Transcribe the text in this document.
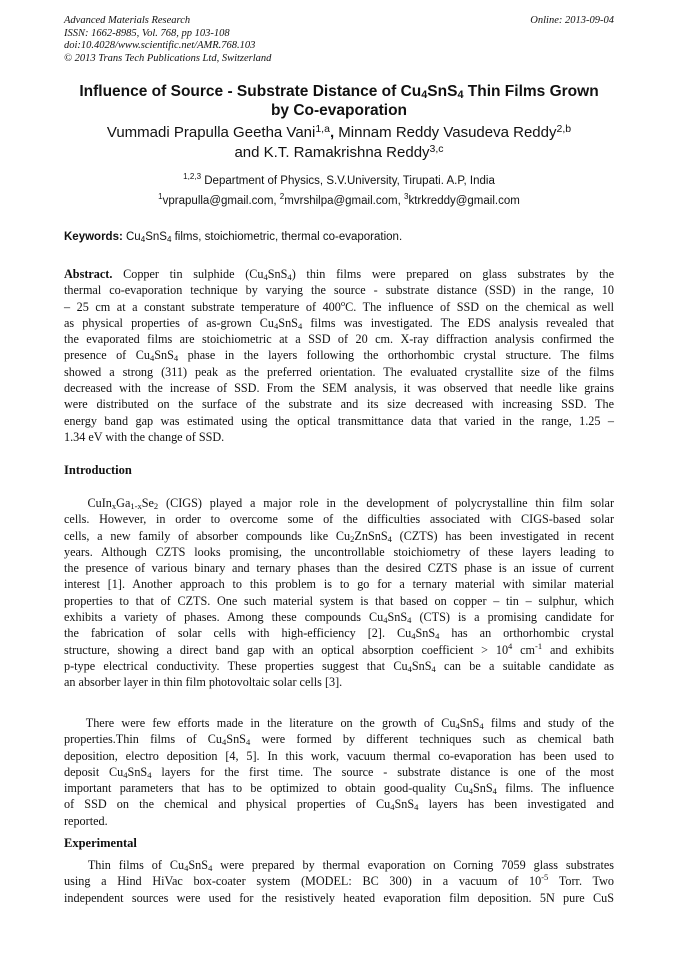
Advanced Materials Research
ISSN: 1662-8985, Vol. 768, pp 103-108
doi:10.4028/www.scientific.net/AMR.768.103
© 2013 Trans Tech Publications Ltd, Switzerland
Online: 2013-09-04
Influence of Source - Substrate Distance of $Cu_4SnS_4$ Thin Films Grown
by Co-evaporation
Vummadi Prapulla Geetha Vani$^{1,a}$, Minnam Reddy Vasudeva Reddy$^{2,b}$
and K.T. Ramakrishna Reddy$^{3,c}$
$^{1,2,3}$ Department of Physics, S.V.University, Tirupati. A.P, India
$^1$vprapulla@gmail.com, $^2$mvrshilpa@gmail.com, $^3$ktrkreddy@gmail.com
Keywords: $Cu_4SnS_4$ films, stoichiometric, thermal co-evaporation.
Abstract. Copper tin sulphide $(Cu_4SnS_4)$ thin films were prepared on glass substrates by the
thermal co-evaporation technique by varying the source - substrate distance (SSD) in the range, 10
– 25 cm at a constant substrate temperature of 400$^o$C. The influence of SSD on the chemical as well
as physical properties of as-grown $Cu_4SnS_4$ films was investigated. The EDS analysis revealed that
the evaporated films are stoichiometric at a SSD of 20 cm. X-ray diffraction analysis confirmed the
presence of $Cu_4SnS_4$ phase in the layers following the orthorhombic crystal structure. The films
showed a strong (311) peak as the preferred orientation. The evaluated crystallite size of the films
decreased with the increase of SSD. From the SEM analysis, it was observed that needle like grains
were distributed on the surface of the substrate and its size decreased with increasing SSD. The
energy band gap was estimated using the optical transmittance data that varied in the range, 1.25 –
1.34 eV with the change of SSD.
Introduction
$CuIn_xGa_{1-x}Se_2$ (CIGS) played a major role in the development of polycrystalline thin film solar
cells. However, in order to overcome some of the difficulties associated with CIGS-based solar
cells, a new family of absorber compounds like $Cu_2ZnSnS_4$ (CZTS) has been investigated in recent
years. Although CZTS looks promising, the uncontrollable stoichiometry of these layers leading to
the presence of various binary and ternary phases than the desired CZTS phase is an issue of current
interest [1]. Another approach to this problem is to go for a ternary material with similar material
properties to that of CZTS. One such material system is that based on copper – tin – sulphur, which
exhibits a variety of phases. Among these compounds $Cu_4SnS_4$ (CTS) is a promising candidate for
the fabrication of solar cells with high-efficiency [2]. $Cu_4SnS_4$ has an orthorhombic crystal
structure, showing a direct band gap with an optical absorption coefficient > $10^4$ $cm^{-1}$ and exhibits
p-type electrical conductivity. These properties suggest that $Cu_4SnS_4$ can be a suitable candidate as
an absorber layer in thin film photovoltaic solar cells [3].
There were few efforts made in the literature on the growth of $Cu_4SnS_4$ films and study of the
properties.Thin films of $Cu_4SnS_4$ were formed by different techniques such as chemical bath
deposition, electro deposition [4, 5]. In this work, vacuum thermal co-evaporation has been used to
deposit $Cu_4SnS_4$ layers for the first time. The source - substrate distance is one of the most
important parameters that has to be optimized to obtain good-quality $Cu_4SnS_4$ films. The influence
of SSD on the chemical and physical properties of $Cu_4SnS_4$ layers has been investigated and
reported.
Experimental
Thin films of $Cu_4SnS_4$ were prepared by thermal evaporation on Corning 7059 glass substrates
using a Hind HiVac box-coater system (MODEL: BC 300) in a vacuum of $10^{-5}$ Torr. Two
independent sources were used for the resistively heated evaporation film deposition. 5N pure CuS
